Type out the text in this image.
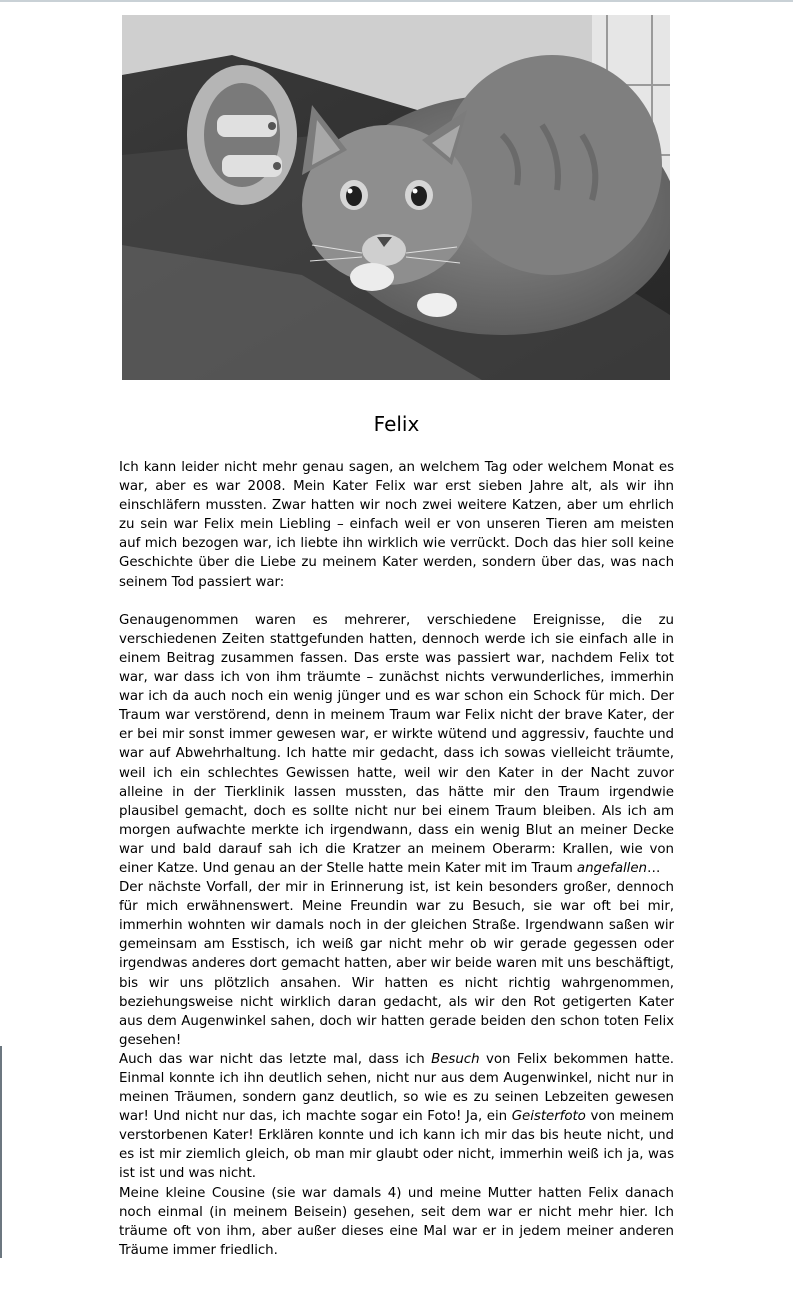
Felix

Ich kann leider nicht mehr genau sagen, an welchem Tag oder welchem Monat es war, aber es war 2008. Mein Kater Felix war erst sieben Jahre alt, als wir ihn einschläfern mussten. Zwar hatten wir noch zwei weitere Katzen, aber um ehrlich zu sein war Felix mein Liebling – einfach weil er von unseren Tieren am meisten auf mich bezogen war, ich liebte ihn wirklich wie verrückt. Doch das hier soll keine Geschichte über die Liebe zu meinem Kater werden, sondern über das, was nach seinem Tod passiert war:

Genaugenommen waren es mehrerer, verschiedene Ereignisse, die zu verschiedenen Zeiten stattgefunden hatten, dennoch werde ich sie einfach alle in einem Beitrag zusammen fassen. Das erste was passiert war, nachdem Felix tot war, war dass ich von ihm träumte – zunächst nichts verwunderliches, immerhin war ich da auch noch ein wenig jünger und es war schon ein Schock für mich. Der Traum war verstörend, denn in meinem Traum war Felix nicht der brave Kater, der er bei mir sonst immer gewesen war, er wirkte wütend und aggressiv, fauchte und war auf Abwehrhaltung. Ich hatte mir gedacht, dass ich sowas vielleicht träumte, weil ich ein schlechtes Gewissen hatte, weil wir den Kater in der Nacht zuvor alleine in der Tierklinik lassen mussten, das hätte mir den Traum irgendwie plausibel gemacht, doch es sollte nicht nur bei einem Traum bleiben. Als ich am morgen aufwachte merkte ich irgendwann, dass ein wenig Blut an meiner Decke war und bald darauf sah ich die Kratzer an meinem Oberarm: Krallen, wie von einer Katze. Und genau an der Stelle hatte mein Kater mit im Traum angefallen…

Der nächste Vorfall, der mir in Erinnerung ist, ist kein besonders großer, dennoch für mich erwähnenswert. Meine Freundin war zu Besuch, sie war oft bei mir, immerhin wohnten wir damals noch in der gleichen Straße. Irgendwann saßen wir gemeinsam am Esstisch, ich weiß gar nicht mehr ob wir gerade gegessen oder irgendwas anderes dort gemacht hatten, aber wir beide waren mit uns beschäftigt, bis wir uns plötzlich ansahen. Wir hatten es nicht richtig wahrgenommen, beziehungsweise nicht wirklich daran gedacht, als wir den Rot getigerten Kater aus dem Augenwinkel sahen, doch wir hatten gerade beiden den schon toten Felix gesehen!

Auch das war nicht das letzte mal, dass ich Besuch von Felix bekommen hatte. Einmal konnte ich ihn deutlich sehen, nicht nur aus dem Augenwinkel, nicht nur in meinen Träumen, sondern ganz deutlich, so wie es zu seinen Lebzeiten gewesen war! Und nicht nur das, ich machte sogar ein Foto! Ja, ein Geisterfoto von meinem verstorbenen Kater! Erklären konnte und ich kann ich mir das bis heute nicht, und es ist mir ziemlich gleich, ob man mir glaubt oder nicht, immerhin weiß ich ja, was ist ist und was nicht.

Meine kleine Cousine (sie war damals 4) und meine Mutter hatten Felix danach noch einmal (in meinem Beisein) gesehen, seit dem war er nicht mehr hier. Ich träume oft von ihm, aber außer dieses eine Mal war er in jedem meiner anderen Träume immer friedlich.
